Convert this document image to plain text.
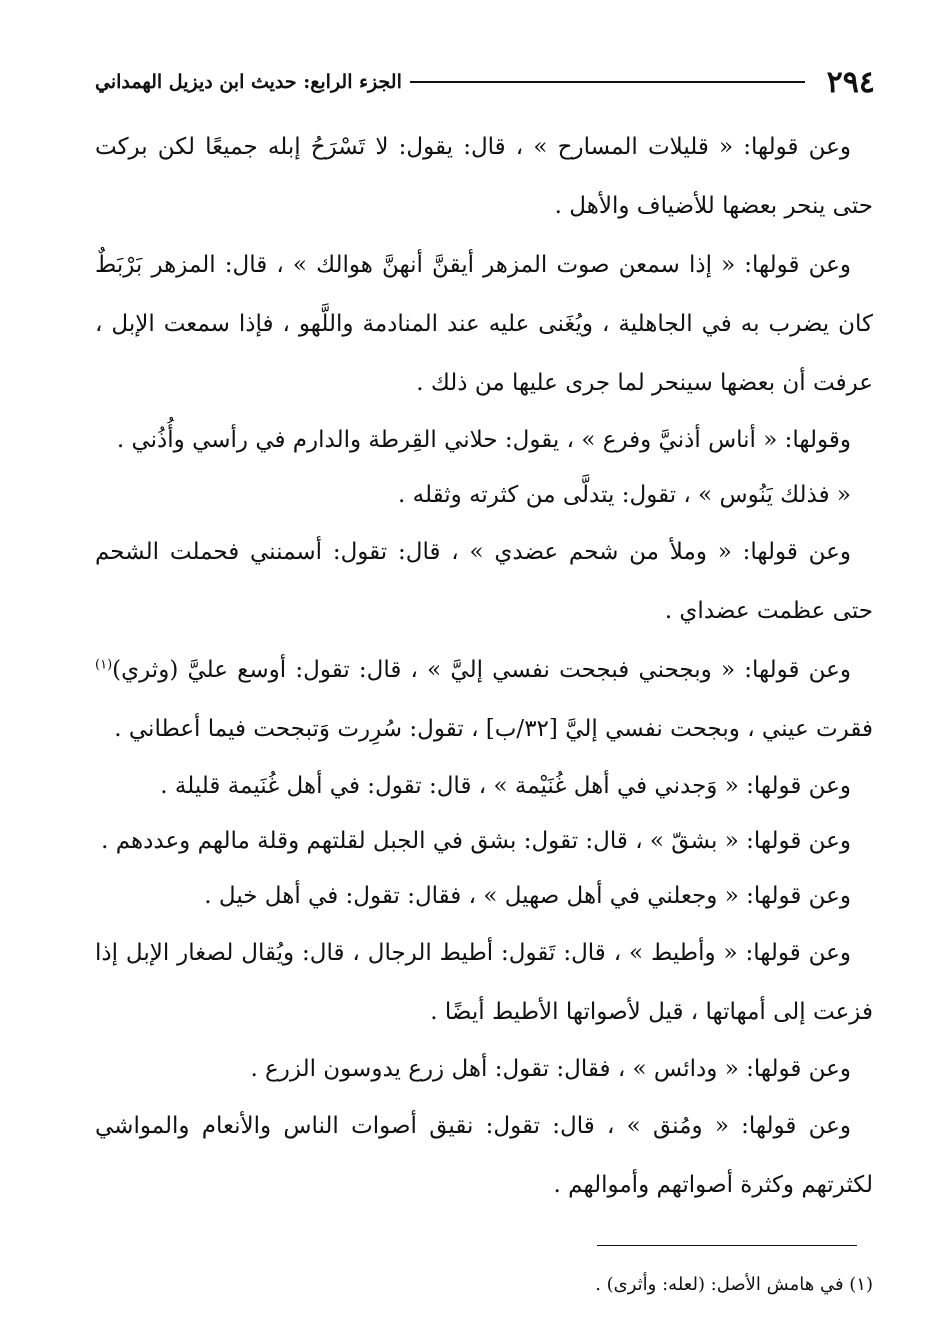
٢٩٤
الجزء الرابع: حديث ابن ديزيل الهمداني

وعن قولها: « قليلات المسارح » ، قال: يقول: لا تَسْرَحُ إبله جميعًا لكن بركت حتى ينحر بعضها للأضياف والأهل .

وعن قولها: « إذا سمعن صوت المزهر أيقنَّ أنهنَّ هوالك » ، قال: المزهر بَرْبَطٌ كان يضرب به في الجاهلية ، ويُغَنى عليه عند المنادمة واللَّهو ، فإذا سمعت الإبل ، عرفت أن بعضها سينحر لما جرى عليها من ذلك .

وقولها: « أناس أذنيَّ وفرع » ، يقول: حلاني القِرطة والدارم في رأسي وأُذُني .

« فذلك يَنُوس » ، تقول: يتدلَّى من كثرته وثقله .

وعن قولها: « وملأ من شحم عضدي » ، قال: تقول: أسمنني فحملت الشحم حتى عظمت عضداي .

وعن قولها: « وبجحني فبجحت نفسي إليَّ » ، قال: تقول: أوسع عليَّ (وثري)$^{(١)}$ فقرت عيني ، وبجحت نفسي إليَّ [٣٢/ب] ، تقول: سُرِرت وَتبجحت فيما أعطاني .

وعن قولها: « وَجدني في أهل غُنَيْمة » ، قال: تقول: في أهل غُنَيمة قليلة .

وعن قولها: « بشقّ » ، قال: تقول: بشق في الجبل لقلتهم وقلة مالهم وعددهم .

وعن قولها: « وجعلني في أهل صهيل » ، فقال: تقول: في أهل خيل .

وعن قولها: « وأطيط » ، قال: تَقول: أطيط الرجال ، قال: ويُقال لصغار الإبل إذا فزعت إلى أمهاتها ، قيل لأصواتها الأطيط أيضًا .

وعن قولها: « ودائس » ، فقال: تقول: أهل زرع يدوسون الزرع .

وعن قولها: « ومُنق » ، قال: تقول: نقيق أصوات الناس والأنعام والمواشي لكثرتهم وكثرة أصواتهم وأموالهم .

(١) في هامش الأصل: (لعله: وأثرى) .
